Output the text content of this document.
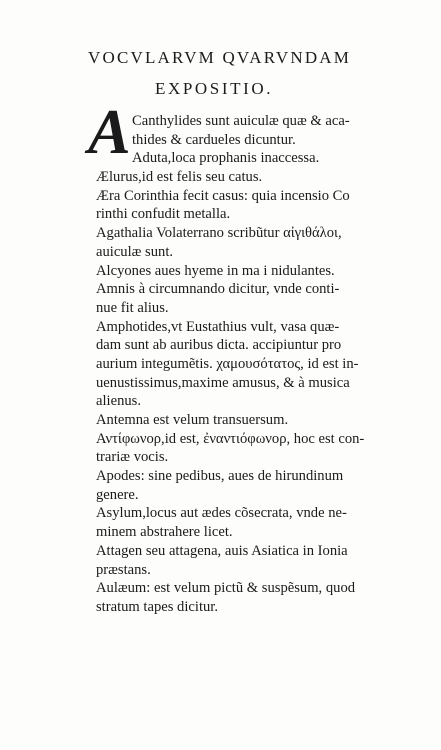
VOCVLARVM QVARVNDAM
EXPOSITIO.
A Canthylides sunt auiculæ quæ & aca-
thides & cardueles dicuntur.
Aduta,loca prophanis inaccessa.
Ælurus,id est felis seu catus.
Æra Corinthia fecit casus: quia incensio Co
rinthi confudit metalla.
Agathalia Volaterrano scribũtur αἰγιθάλοι,
auiculæ sunt.
Alcyones aues hyeme in ma i nidulantes.
Amnis à circumnando dicitur, vnde conti-
nue fit alius.
Amphotides,vt Eustathius vult, vasa quæ-
dam sunt ab auribus dicta. accipiuntur pro
aurium integumẽtis. χαμουσότατος, id est in-
uenustissimus,maxime amusus, & à musica
alienus.
Antemna est velum transuersum.
Αντίφωνορ,id est, ἐναντιόφωνορ, hoc est con-
trariæ vocis.
Apodes: sine pedibus, aues de hirundinum
genere.
Asylum,locus aut ædes cõsecrata, vnde ne-
minem abstrahere licet.
Attagen seu attagena, auis Asiatica in Ionia
præstans.
Aulæum: est velum pictũ & suspẽsum, quod
stratum tapes dicitur.
